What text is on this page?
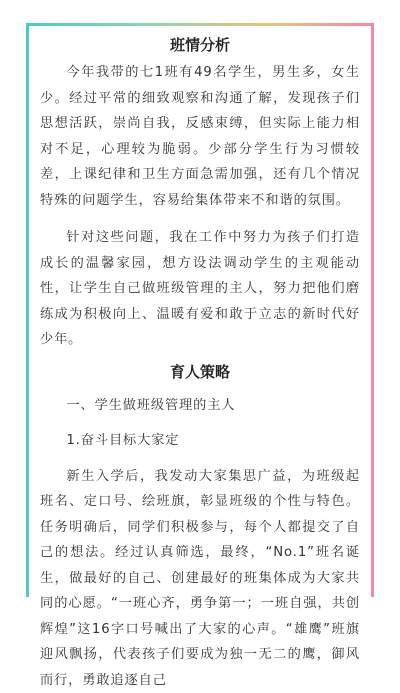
班情分析

今年我带的七1班有49名学生，男生多，女生少。经过平常的细致观察和沟通了解，发现孩子们思想活跃，崇尚自我，反感束缚，但实际上能力相对不足，心理较为脆弱。少部分学生行为习惯较差，上课纪律和卫生方面急需加强，还有几个情况特殊的问题学生，容易给集体带来不和谐的氛围。

针对这些问题，我在工作中努力为孩子们打造成长的温馨家园，想方设法调动学生的主观能动性，让学生自己做班级管理的主人，努力把他们磨练成为积极向上、温暖有爱和敢于立志的新时代好少年。

育人策略

一、学生做班级管理的主人

1.奋斗目标大家定

新生入学后，我发动大家集思广益，为班级起班名、定口号、绘班旗，彰显班级的个性与特色。任务明确后，同学们积极参与，每个人都提交了自己的想法。经过认真筛选，最终，“No.1”班名诞生，做最好的自己、创建最好的班集体成为大家共同的心愿。“一班心齐，勇争第一；一班自强，共创辉煌”这16字口号喊出了大家的心声。“雄鹰”班旗迎风飘扬，代表孩子们要成为独一无二的鹰，御风而行，勇敢追逐自己
